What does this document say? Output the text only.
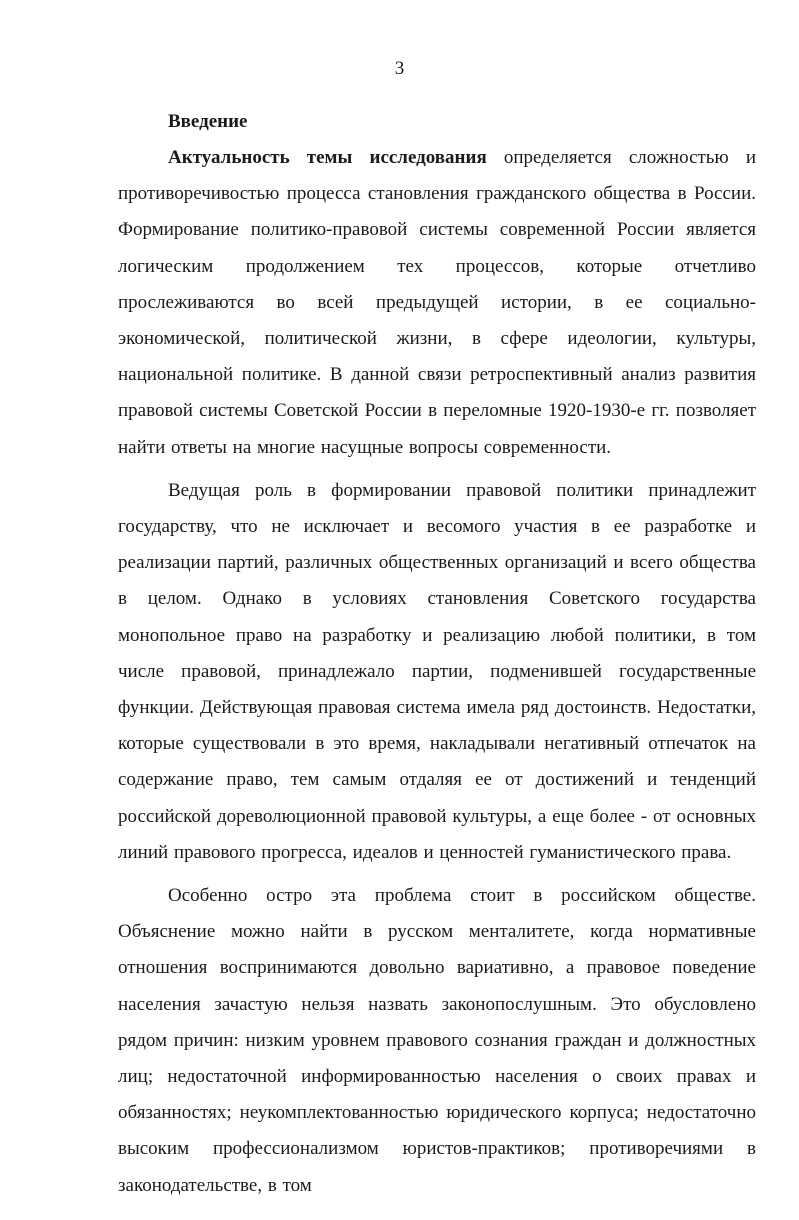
3
Введение

Актуальность темы исследования определяется сложностью и противоречивостью процесса становления гражданского общества в России. Формирование политико-правовой системы современной России является логическим продолжением тех процессов, которые отчетливо прослеживаются во всей предыдущей истории, в ее социально-экономической, политической жизни, в сфере идеологии, культуры, национальной политике. В данной связи ретроспективный анализ развития правовой системы Советской России в переломные 1920-1930-е гг. позволяет найти ответы на многие насущные вопросы современности.

Ведущая роль в формировании правовой политики принадлежит государству, что не исключает и весомого участия в ее разработке и реализации партий, различных общественных организаций и всего общества в целом. Однако в условиях становления Советского государства монопольное право на разработку и реализацию любой политики, в том числе правовой, принадлежало партии, подменившей государственные функции. Действующая правовая система имела ряд достоинств. Недостатки, которые существовали в это время, накладывали негативный отпечаток на содержание право, тем самым отдаляя ее от достижений и тенденций российской дореволюционной правовой культуры, а еще более - от основных линий правового прогресса, идеалов и ценностей гуманистического права.

Особенно остро эта проблема стоит в российском обществе. Объяснение можно найти в русском менталитете, когда нормативные отношения воспринимаются довольно вариативно, а правовое поведение населения зачастую нельзя назвать законопослушным. Это обусловлено рядом причин: низким уровнем правового сознания граждан и должностных лиц; недостаточной информированностью населения о своих правах и обязанностях; неукомплектованностью юридического корпуса; недостаточно высоким профессионализмом юристов-практиков; противоречиями в законодательстве, в том
